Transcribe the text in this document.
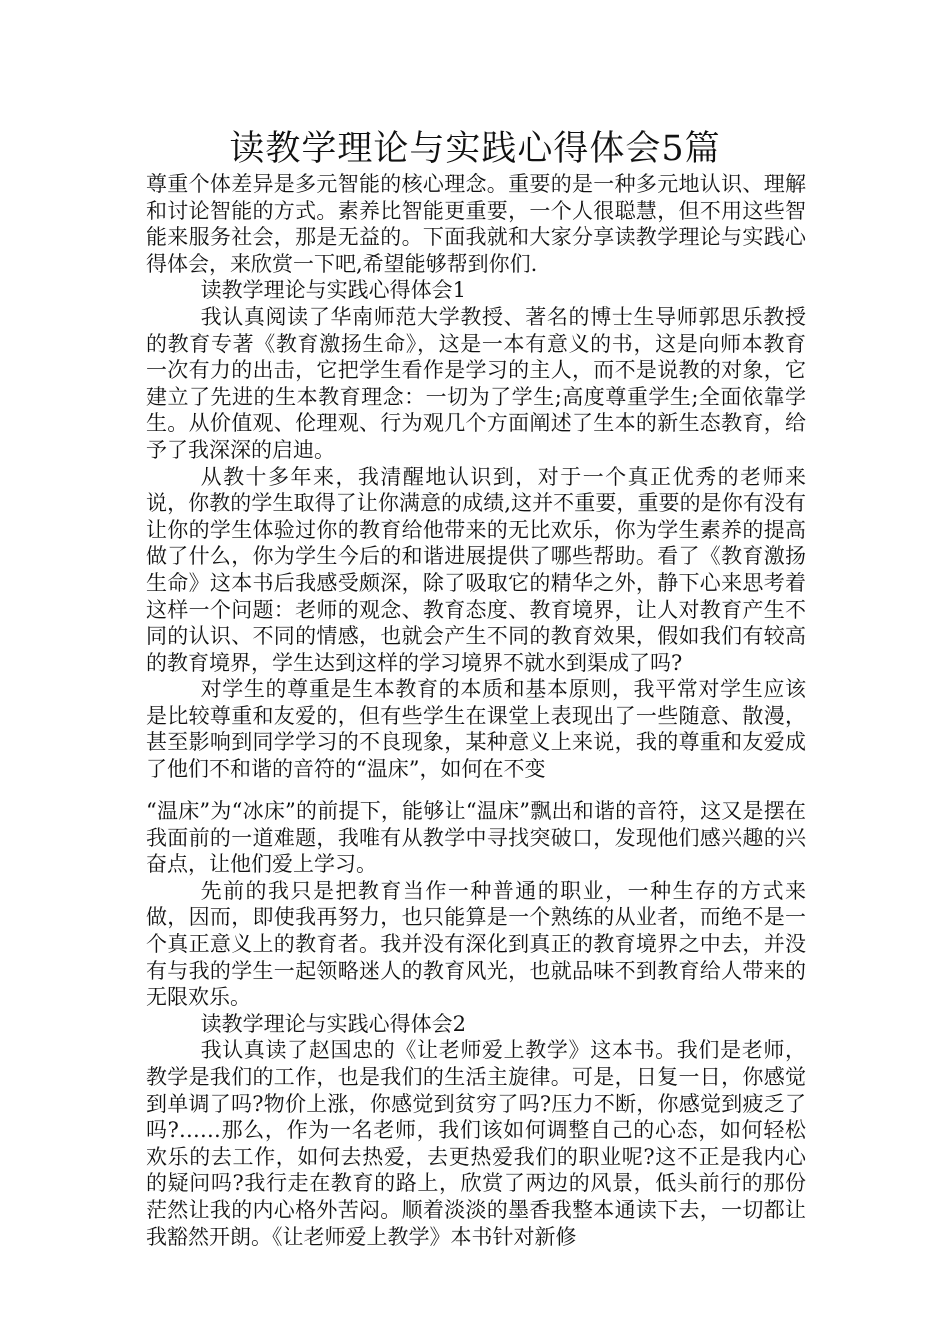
读教学理论与实践心得体会5篇

尊重个体差异是多元智能的核心理念。重要的是一种多元地认识、理解和讨论智能的方式。素养比智能更重要，一个人很聪慧，但不用这些智能来服务社会，那是无益的。下面我就和大家分享读教学理论与实践心得体会，来欣赏一下吧,希望能够帮到你们.

读教学理论与实践心得体会1

我认真阅读了华南师范大学教授、著名的博士生导师郭思乐教授的教育专著《教育激扬生命》，这是一本有意义的书，这是向师本教育一次有力的出击，它把学生看作是学习的主人，而不是说教的对象，它建立了先进的生本教育理念：一切为了学生;高度尊重学生;全面依靠学生。从价值观、伦理观、行为观几个方面阐述了生本的新生态教育，给予了我深深的启迪。

从教十多年来，我清醒地认识到，对于一个真正优秀的老师来说，你教的学生取得了让你满意的成绩,这并不重要，重要的是你有没有让你的学生体验过你的教育给他带来的无比欢乐，你为学生素养的提高做了什么，你为学生今后的和谐进展提供了哪些帮助。看了《教育激扬生命》这本书后我感受颇深，除了吸取它的精华之外，静下心来思考着这样一个问题：老师的观念、教育态度、教育境界，让人对教育产生不同的认识、不同的情感，也就会产生不同的教育效果，假如我们有较高的教育境界，学生达到这样的学习境界不就水到渠成了吗?

对学生的尊重是生本教育的本质和基本原则，我平常对学生应该是比较尊重和友爱的，但有些学生在课堂上表现出了一些随意、散漫，甚至影响到同学学习的不良现象，某种意义上来说，我的尊重和友爱成了他们不和谐的音符的“温床”，如何在不变

“温床”为“冰床”的前提下，能够让“温床”飘出和谐的音符，这又是摆在我面前的一道难题，我唯有从教学中寻找突破口，发现他们感兴趣的兴奋点，让他们爱上学习。

先前的我只是把教育当作一种普通的职业，一种生存的方式来做，因而，即使我再努力，也只能算是一个熟练的从业者，而绝不是一个真正意义上的教育者。我并没有深化到真正的教育境界之中去，并没有与我的学生一起领略迷人的教育风光，也就品味不到教育给人带来的无限欢乐。

读教学理论与实践心得体会2

我认真读了赵国忠的《让老师爱上教学》这本书。我们是老师，教学是我们的工作，也是我们的生活主旋律。可是，日复一日，你感觉到单调了吗?物价上涨，你感觉到贫穷了吗?压力不断，你感觉到疲乏了吗?……那么，作为一名老师，我们该如何调整自己的心态，如何轻松欢乐的去工作，如何去热爱，去更热爱我们的职业呢?这不正是我内心的疑问吗?我行走在教育的路上，欣赏了两边的风景，低头前行的那份茫然让我的内心格外苦闷。顺着淡淡的墨香我整本通读下去，一切都让我豁然开朗。《让老师爱上教学》本书针对新修
